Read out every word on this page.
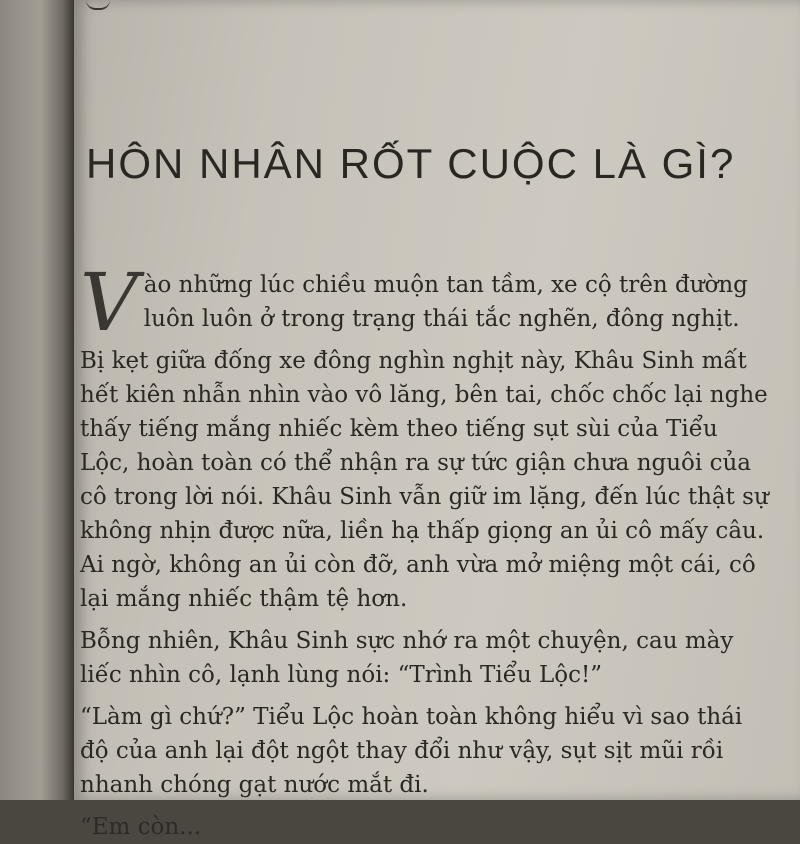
HÔN NHÂN RỐT CUỘC LÀ GÌ?

Vào những lúc chiều muộn tan tầm, xe cộ trên đường luôn luôn ở trong trạng thái tắc nghẽn, đông nghịt.

Bị kẹt giữa đống xe đông nghìn nghịt này, Khâu Sinh mất hết kiên nhẫn nhìn vào vô lăng, bên tai, chốc chốc lại nghe thấy tiếng mắng nhiếc kèm theo tiếng sụt sùi của Tiểu Lộc, hoàn toàn có thể nhận ra sự tức giận chưa nguôi của cô trong lời nói. Khâu Sinh vẫn giữ im lặng, đến lúc thật sự không nhịn được nữa, liền hạ thấp giọng an ủi cô mấy câu. Ai ngờ, không an ủi còn đỡ, anh vừa mở miệng một cái, cô lại mắng nhiếc thậm tệ hơn.

Bỗng nhiên, Khâu Sinh sực nhớ ra một chuyện, cau mày liếc nhìn cô, lạnh lùng nói: “Trình Tiểu Lộc!”

“Làm gì chứ?” Tiểu Lộc hoàn toàn không hiểu vì sao thái độ của anh lại đột ngột thay đổi như vậy, sụt sịt mũi rồi nhanh chóng gạt nước mắt đi.

“Em còn...
